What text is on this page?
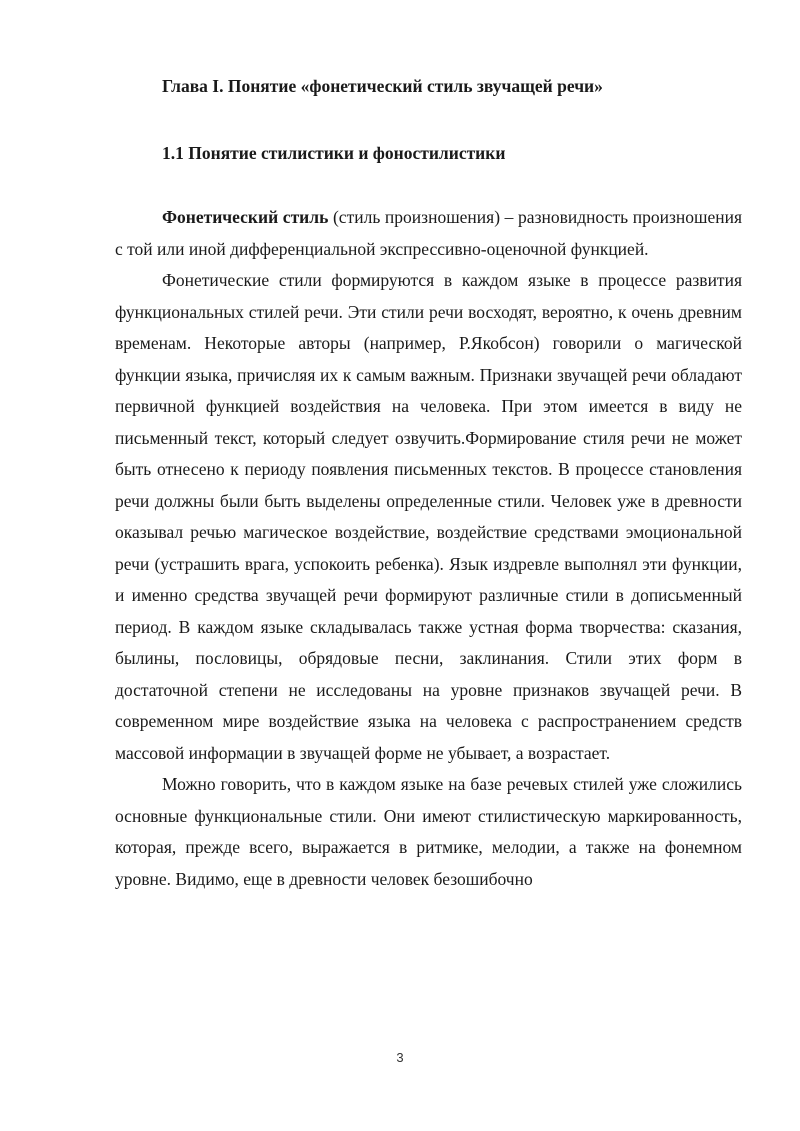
Глава I. Понятие «фонетический стиль звучащей речи»
1.1 Понятие стилистики и фоностилистики

Фонетический стиль (стиль произношения) – разновидность произношения с той или иной дифференциальной экспрессивно-оценочной функцией.

Фонетические стили формируются в каждом языке в процессе развития функциональных стилей речи. Эти стили речи восходят, вероятно, к очень древним временам. Некоторые авторы (например, Р.Якобсон) говорили о магической функции языка, причисляя их к самым важным. Признаки звучащей речи обладают первичной функцией воздействия на человека. При этом имеется в виду не письменный текст, который следует озвучить.Формирование стиля речи не может быть отнесено к периоду появления письменных текстов. В процессе становления речи должны были быть выделены определенные стили. Человек уже в древности оказывал речью магическое воздействие, воздействие средствами эмоциональной речи (устрашить врага, успокоить ребенка). Язык издревле выполнял эти функции, и именно средства звучащей речи формируют различные стили в дописьменный период. В каждом языке складывалась также устная форма творчества: сказания, былины, пословицы, обрядовые песни, заклинания. Стили этих форм в достаточной степени не исследованы на уровне признаков звучащей речи. В современном мире воздействие языка на человека с распространением средств массовой информации в звучащей форме не убывает, а возрастает.

Можно говорить, что в каждом языке на базе речевых стилей уже сложились основные функциональные стили. Они имеют стилистическую маркированность, которая, прежде всего, выражается в ритмике, мелодии, а также на фонемном уровне. Видимо, еще в древности человек безошибочно

3
